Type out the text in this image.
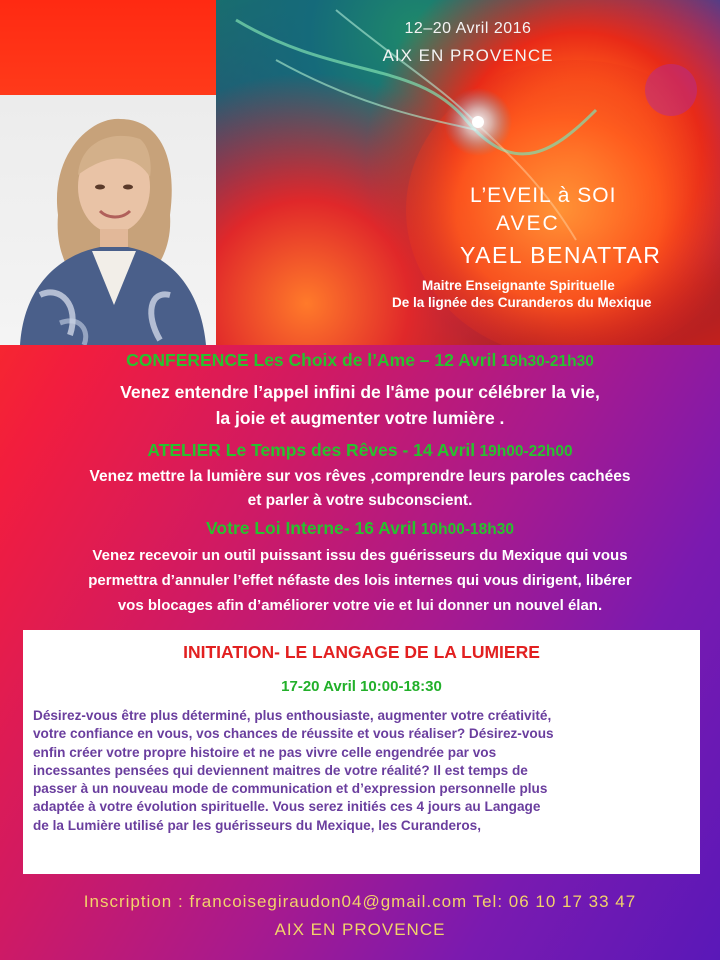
12–20 Avril 2016
AIX EN PROVENCE
L’EVEIL à SOI
AVEC
YAEL BENATTAR
Maitre Enseignante Spirituelle
De la lignée des Curanderos du Mexique
CONFERENCE Les Choix de l’Ame – 12 Avril 19h30-21h30
Venez entendre l’appel infini de l'âme pour célébrer la vie,
la joie et augmenter votre lumière .
ATELIER Le Temps des Rêves - 14 Avril 19h00-22h00
Venez mettre la lumière sur vos rêves ,comprendre leurs paroles cachées
et parler à votre subconscient.
Votre Loi Interne- 16 Avril 10h00-18h30
Venez recevoir un outil puissant issu des guérisseurs du Mexique qui vous
permettra d’annuler l’effet néfaste des lois internes qui vous dirigent, libérer
vos blocages afin d’améliorer votre vie et lui donner un nouvel élan.
INITIATION- LE LANGAGE DE LA LUMIERE
17-20 Avril 10:00-18:30
Désirez-vous être plus déterminé, plus enthousiaste, augmenter votre créativité,
votre confiance en vous, vos chances de réussite et vous réaliser? Désirez-vous
enfin créer votre propre histoire et ne pas vivre celle engendrée par vos
incessantes pensées qui deviennent maitres de votre réalité? Il est temps de
passer à un nouveau mode de communication et d’expression personnelle plus
adaptée à votre évolution spirituelle. Vous serez initiés ces 4 jours au Langage
de la Lumière utilisé par les guérisseurs du Mexique, les Curanderos,
Inscription : francoisegiraudon04@gmail.com Tel: 06 10 17 33 47
AIX EN PROVENCE
